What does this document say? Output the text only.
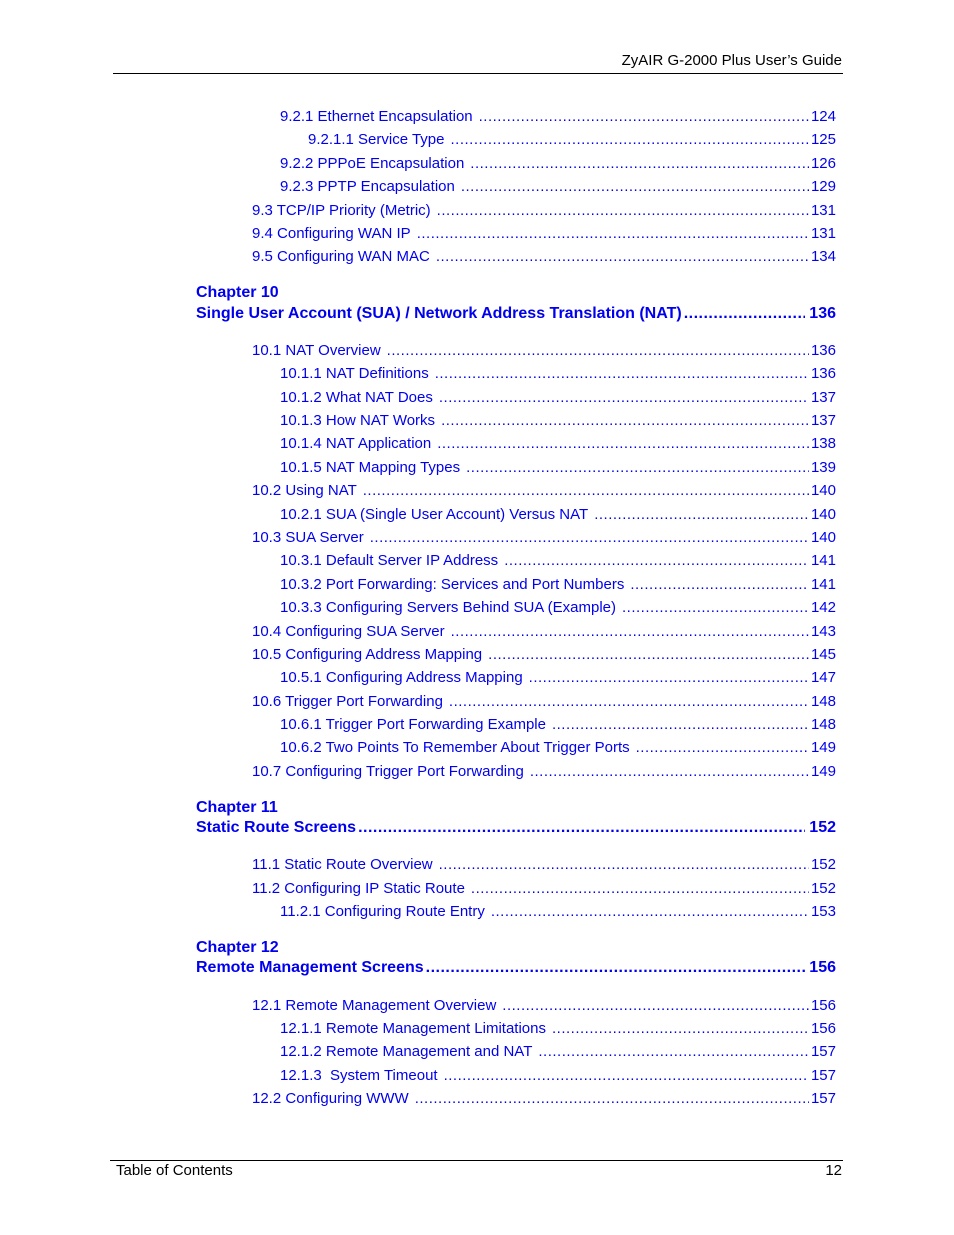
ZyAIR G-2000 Plus User’s Guide
9.2.1 Ethernet Encapsulation .....	124
9.2.1.1 Service Type .....	125
9.2.2 PPPoE Encapsulation .....	126
9.2.3 PPTP Encapsulation .....	129
9.3 TCP/IP Priority (Metric) .....	131
9.4 Configuring WAN IP .....	131
9.5 Configuring WAN MAC .....	134
Chapter 10
Single User Account (SUA) / Network Address Translation (NAT) .....	136
10.1 NAT Overview .....	136
10.1.1 NAT Definitions .....	136
10.1.2 What NAT Does .....	137
10.1.3 How NAT Works .....	137
10.1.4 NAT Application .....	138
10.1.5 NAT Mapping Types .....	139
10.2 Using NAT .....	140
10.2.1 SUA (Single User Account) Versus NAT .....	140
10.3 SUA Server .....	140
10.3.1 Default Server IP Address .....	141
10.3.2 Port Forwarding: Services and Port Numbers .....	141
10.3.3 Configuring Servers Behind SUA (Example) .....	142
10.4 Configuring SUA Server .....	143
10.5 Configuring Address Mapping .....	145
10.5.1 Configuring Address Mapping .....	147
10.6 Trigger Port Forwarding .....	148
10.6.1 Trigger Port Forwarding Example .....	148
10.6.2 Two Points To Remember About Trigger Ports .....	149
10.7 Configuring Trigger Port Forwarding .....	149
Chapter 11
Static Route Screens .....	152
11.1 Static Route Overview .....	152
11.2 Configuring IP Static Route .....	152
11.2.1 Configuring Route Entry .....	153
Chapter 12
Remote Management Screens .....	156
12.1 Remote Management Overview .....	156
12.1.1 Remote Management Limitations .....	156
12.1.2 Remote Management and NAT .....	157
12.1.3  System Timeout .....	157
12.2 Configuring WWW .....	157
Table of Contents	12
